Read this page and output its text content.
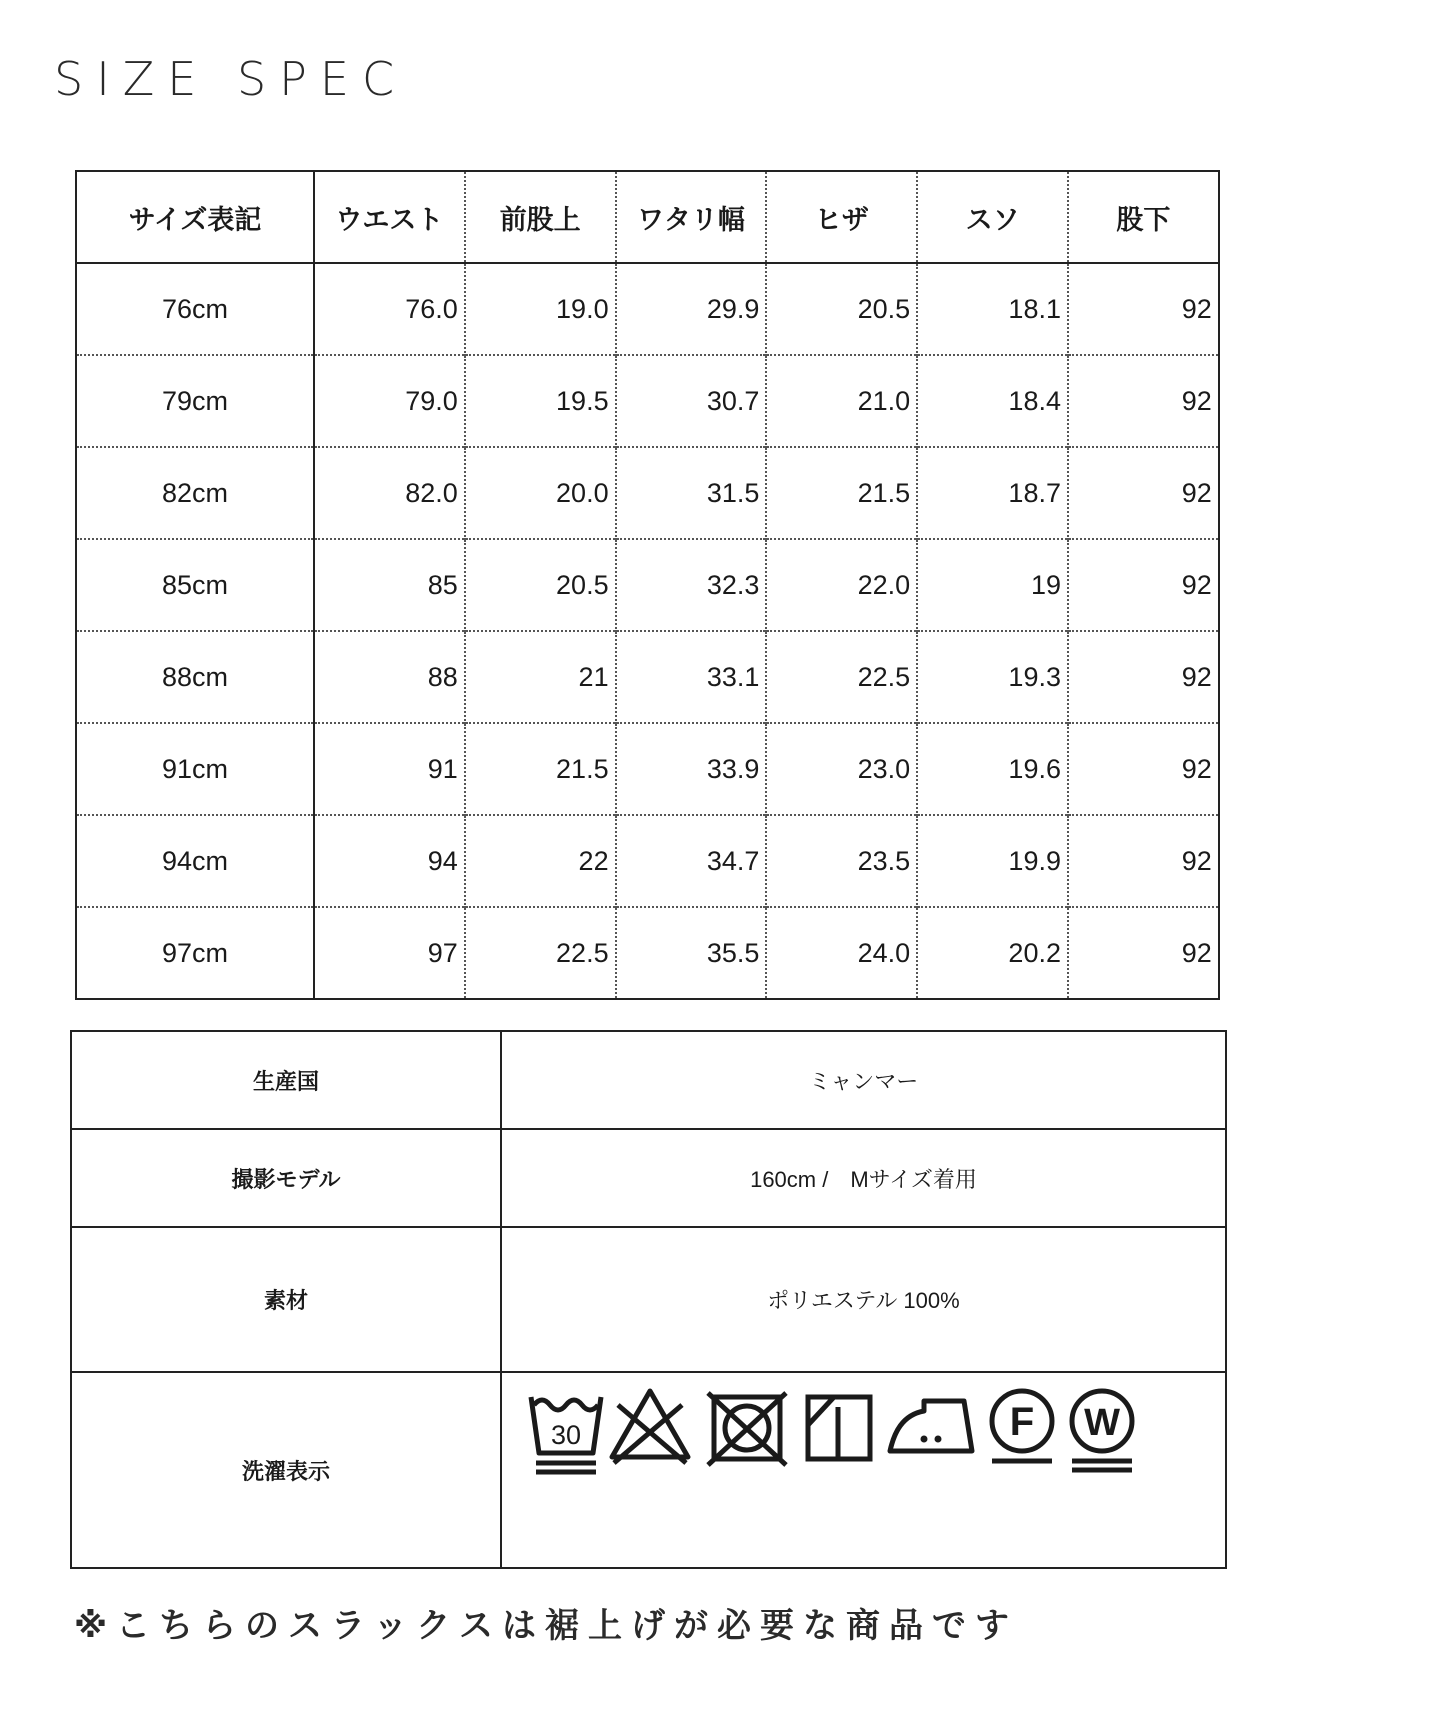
SIZE SPEC
サイズ表記	ウエスト	前股上	ワタリ幅	ヒザ	スソ	股下
76cm	76.0	19.0	29.9	20.5	18.1	92
79cm	79.0	19.5	30.7	21.0	18.4	92
82cm	82.0	20.0	31.5	21.5	18.7	92
85cm	85	20.5	32.3	22.0	19	92
88cm	88	21	33.1	22.5	19.3	92
91cm	91	21.5	33.9	23.0	19.6	92
94cm	94	22	34.7	23.5	19.9	92
97cm	97	22.5	35.5	24.0	20.2	92
生産国	ミャンマー
撮影モデル	160cm /　Mサイズ着用
素材	ポリエステル 100%
洗濯表示	30 F W

※こちらのスラックスは裾上げが必要な商品です
